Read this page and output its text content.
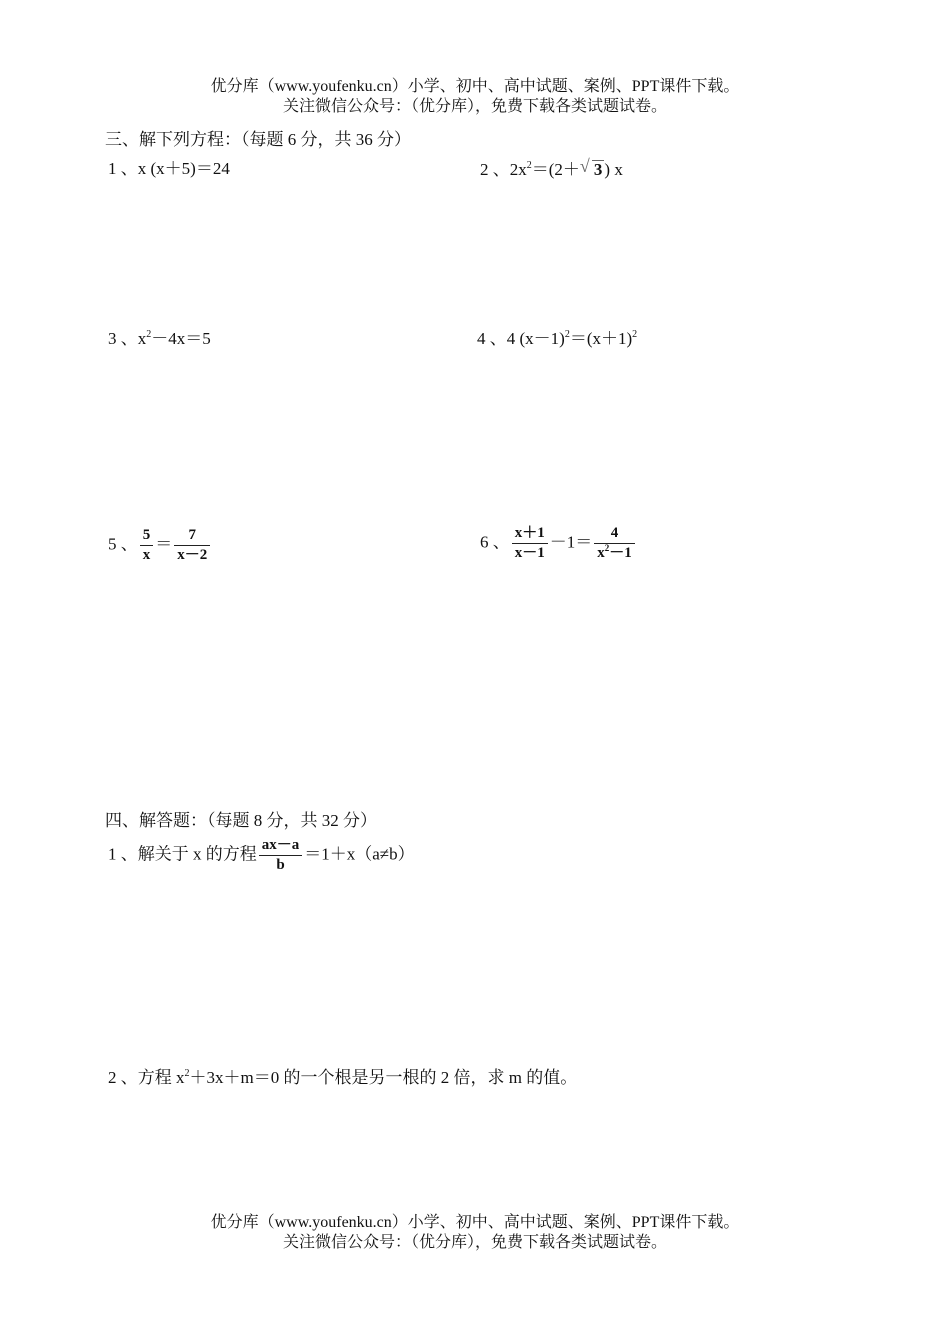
优分库（www.youfenku.cn）小学、初中、高中试题、案例、PPT课件下载。
关注微信公众号：（优分库），免费下载各类试题试卷。
三、解下列方程：（每题 6 分，共 36 分）
1 、x (x＋5)＝24	2 、$2x^2=(2+$ √ 3 ) x
3 、$x^2-4x=5$	4 、4 $(x-1)^2=(x+1)^2$
5 、 $\frac{5}{x} = \frac{7}{x-2}$	6 、 $\frac{x+1}{x-1} -1= \frac{4}{x^2-1}$
四、解答题：（每题 8 分，共 32 分）
1 、解关于 x 的方程 $\frac{ax-a}{b} =1+x(a\ne b)$
2 、方程 $x^2+3x+m=0$ 的一个根是另一根的 2 倍，求 m 的值。
优分库（www.youfenku.cn）小学、初中、高中试题、案例、PPT课件下载。
关注微信公众号：（优分库），免费下载各类试题试卷。
